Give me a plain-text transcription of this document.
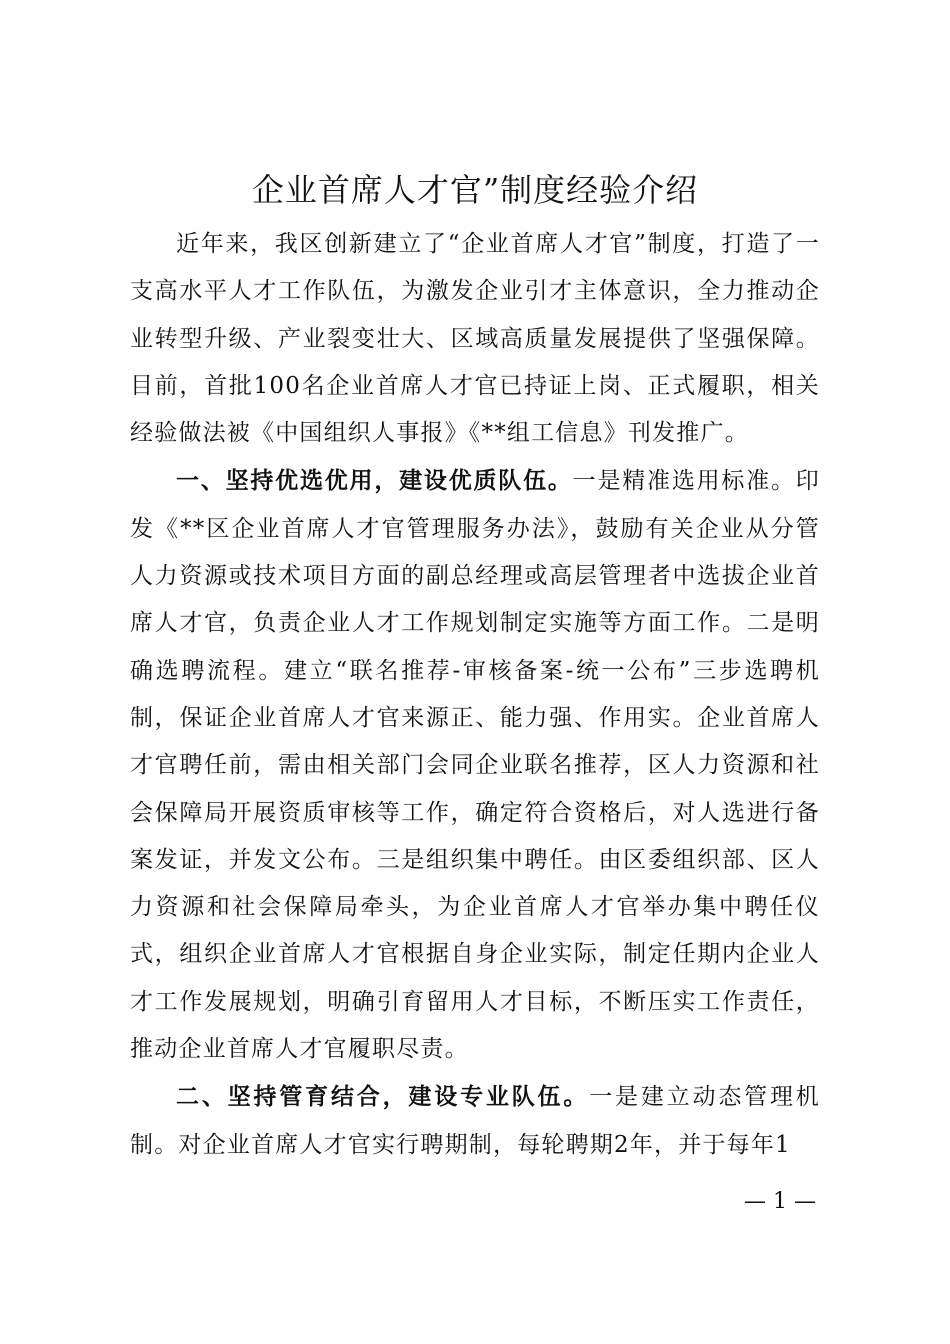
企业首席人才官”制度经验介绍

近年来，我区创新建立了“企业首席人才官”制度，打造了一支高水平人才工作队伍，为激发企业引才主体意识，全力推动企业转型升级、产业裂变壮大、区域高质量发展提供了坚强保障。目前，首批100名企业首席人才官已持证上岗、正式履职，相关经验做法被《中国组织人事报》《**组工信息》刊发推广。

一、坚持优选优用，建设优质队伍。一是精准选用标准。印发《**区企业首席人才官管理服务办法》，鼓励有关企业从分管人力资源或技术项目方面的副总经理或高层管理者中选拔企业首席人才官，负责企业人才工作规划制定实施等方面工作。二是明确选聘流程。建立“联名推荐-审核备案-统一公布”三步选聘机制，保证企业首席人才官来源正、能力强、作用实。企业首席人才官聘任前，需由相关部门会同企业联名推荐，区人力资源和社会保障局开展资质审核等工作，确定符合资格后，对人选进行备案发证，并发文公布。三是组织集中聘任。由区委组织部、区人力资源和社会保障局牵头，为企业首席人才官举办集中聘任仪式，组织企业首席人才官根据自身企业实际，制定任期内企业人才工作发展规划，明确引育留用人才目标，不断压实工作责任，推动企业首席人才官履职尽责。

二、坚持管育结合，建设专业队伍。一是建立动态管理机制。对企业首席人才官实行聘期制，每轮聘期2年，并于每年1

— 1 —
